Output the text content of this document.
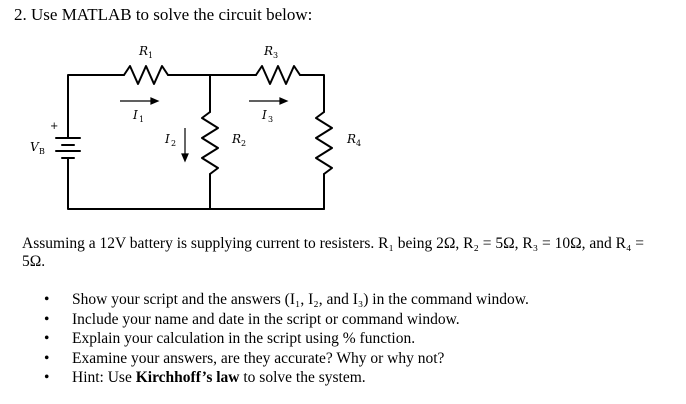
2. Use MATLAB to solve the circuit below:
R 1	R 3
I 1	I 3
I 2	R 2	R 4
V B
+
Assuming a 12V battery is supplying current to resisters. R₁ being 2Ω, R₂ = 5Ω, R₃ = 10Ω, and R₄ = 5Ω.
• Show your script and the answers (I₁, I₂, and I₃) in the command window.
• Include your name and date in the script or command window.
• Explain your calculation in the script using % function.
• Examine your answers, are they accurate? Why or why not?
• Hint: Use Kirchhoff’s law to solve the system.
